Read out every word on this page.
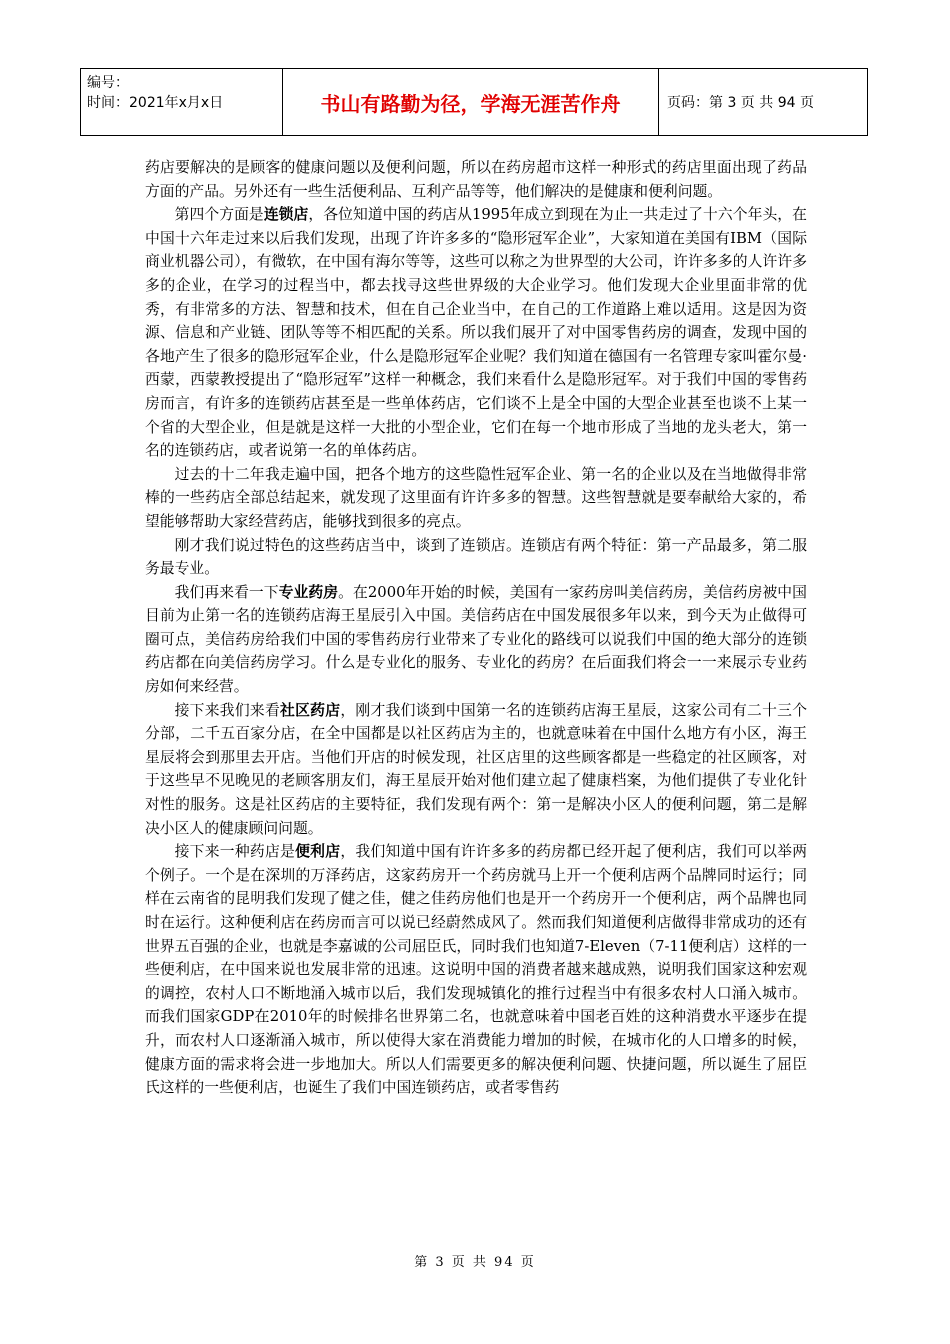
编号：
时间：2021年x月x日	书山有路勤为径，学海无涯苦作舟	页码：第 3 页 共 94 页

药店要解决的是顾客的健康问题以及便利问题，所以在药房超市这样一种形式的药店里面出现了药品方面的产品。另外还有一些生活便利品、互利产品等等，他们解决的是健康和便利问题。

第四个方面是连锁店，各位知道中国的药店从1995年成立到现在为止一共走过了十六个年头，在中国十六年走过来以后我们发现，出现了许许多多的“隐形冠军企业”，大家知道在美国有IBM（国际商业机器公司），有微软，在中国有海尔等等，这些可以称之为世界型的大公司，许许多多的人许许多多的企业，在学习的过程当中，都去找寻这些世界级的大企业学习。他们发现大企业里面非常的优秀，有非常多的方法、智慧和技术，但在自己企业当中，在自己的工作道路上难以适用。这是因为资源、信息和产业链、团队等等不相匹配的关系。所以我们展开了对中国零售药房的调查，发现中国的各地产生了很多的隐形冠军企业，什么是隐形冠军企业呢？我们知道在德国有一名管理专家叫霍尔曼·西蒙，西蒙教授提出了“隐形冠军”这样一种概念，我们来看什么是隐形冠军。对于我们中国的零售药房而言，有许多的连锁药店甚至是一些单体药店，它们谈不上是全中国的大型企业甚至也谈不上某一个省的大型企业，但是就是这样一大批的小型企业，它们在每一个地市形成了当地的龙头老大，第一名的连锁药店，或者说第一名的单体药店。

过去的十二年我走遍中国，把各个地方的这些隐性冠军企业、第一名的企业以及在当地做得非常棒的一些药店全部总结起来，就发现了这里面有许许多多的智慧。这些智慧就是要奉献给大家的，希望能够帮助大家经营药店，能够找到很多的亮点。

刚才我们说过特色的这些药店当中，谈到了连锁店。连锁店有两个特征：第一产品最多，第二服务最专业。

我们再来看一下专业药房。在2000年开始的时候，美国有一家药房叫美信药房，美信药房被中国目前为止第一名的连锁药店海王星辰引入中国。美信药店在中国发展很多年以来，到今天为止做得可圈可点，美信药房给我们中国的零售药房行业带来了专业化的路线可以说我们中国的绝大部分的连锁药店都在向美信药房学习。什么是专业化的服务、专业化的药房？在后面我们将会一一来展示专业药房如何来经营。

接下来我们来看社区药店，刚才我们谈到中国第一名的连锁药店海王星辰，这家公司有二十三个分部，二千五百家分店，在全中国都是以社区药店为主的，也就意味着在中国什么地方有小区，海王星辰将会到那里去开店。当他们开店的时候发现，社区店里的这些顾客都是一些稳定的社区顾客，对于这些早不见晚见的老顾客朋友们，海王星辰开始对他们建立起了健康档案，为他们提供了专业化针对性的服务。这是社区药店的主要特征，我们发现有两个：第一是解决小区人的便利问题，第二是解决小区人的健康顾问问题。

接下来一种药店是便利店，我们知道中国有许许多多的药房都已经开起了便利店，我们可以举两个例子。一个是在深圳的万泽药店，这家药房开一个药房就马上开一个便利店两个品牌同时运行；同样在云南省的昆明我们发现了健之佳，健之佳药房他们也是开一个药房开一个便利店，两个品牌也同时在运行。这种便利店在药房而言可以说已经蔚然成风了。然而我们知道便利店做得非常成功的还有世界五百强的企业，也就是李嘉诚的公司屈臣氏，同时我们也知道7-Eleven（7-11便利店）这样的一些便利店，在中国来说也发展非常的迅速。这说明中国的消费者越来越成熟，说明我们国家这种宏观的调控，农村人口不断地涌入城市以后，我们发现城镇化的推行过程当中有很多农村人口涌入城市。而我们国家GDP在2010年的时候排名世界第二名，也就意味着中国老百姓的这种消费水平逐步在提升，而农村人口逐渐涌入城市，所以使得大家在消费能力增加的时候，在城市化的人口增多的时候，健康方面的需求将会进一步地加大。所以人们需要更多的解决便利问题、快捷问题，所以诞生了屈臣氏这样的一些便利店，也诞生了我们中国连锁药店，或者零售药

第 3 页 共 94 页
